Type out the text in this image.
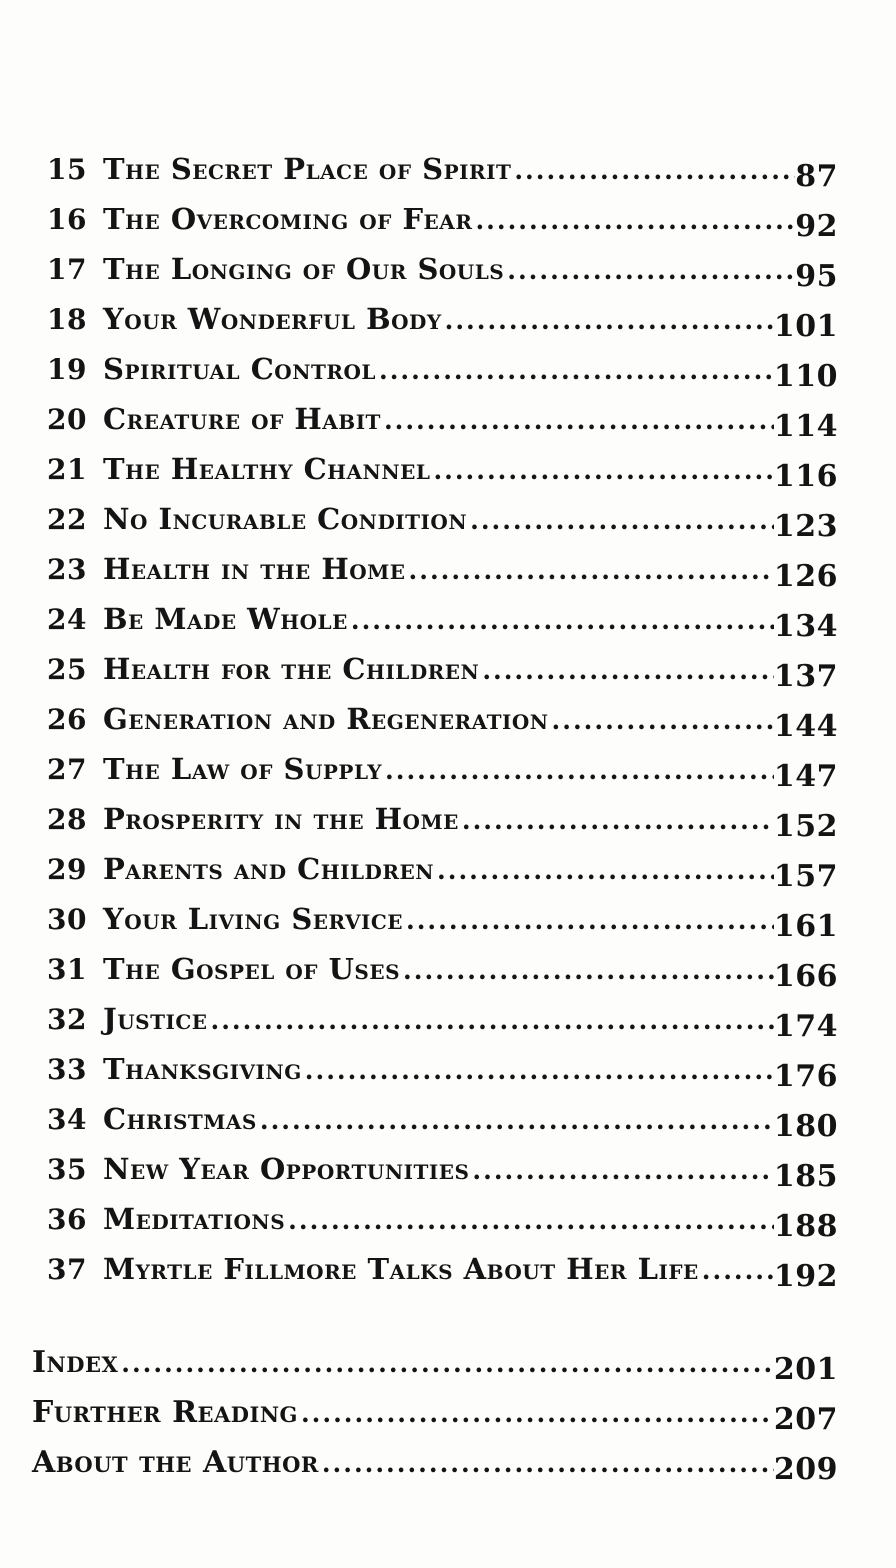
15 The Secret Place of Spirit .....	87
16 The Overcoming of Fear .....	92
17 The Longing of Our Souls .....	95
18 Your Wonderful Body .....	101
19 Spiritual Control .....	110
20 Creature of Habit .....	114
21 The Healthy Channel .....	116
22 No Incurable Condition .....	123
23 Health in the Home .....	126
24 Be Made Whole .....	134
25 Health for the Children .....	137
26 Generation and Regeneration .....	144
27 The Law of Supply .....	147
28 Prosperity in the Home .....	152
29 Parents and Children .....	157
30 Your Living Service .....	161
31 The Gospel of Uses .....	166
32 Justice .....	174
33 Thanksgiving .....	176
34 Christmas .....	180
35 New Year Opportunities .....	185
36 Meditations .....	188
37 Myrtle Fillmore Talks About Her Life .....	192
Index .....	201
Further Reading .....	207
About the Author .....	209
